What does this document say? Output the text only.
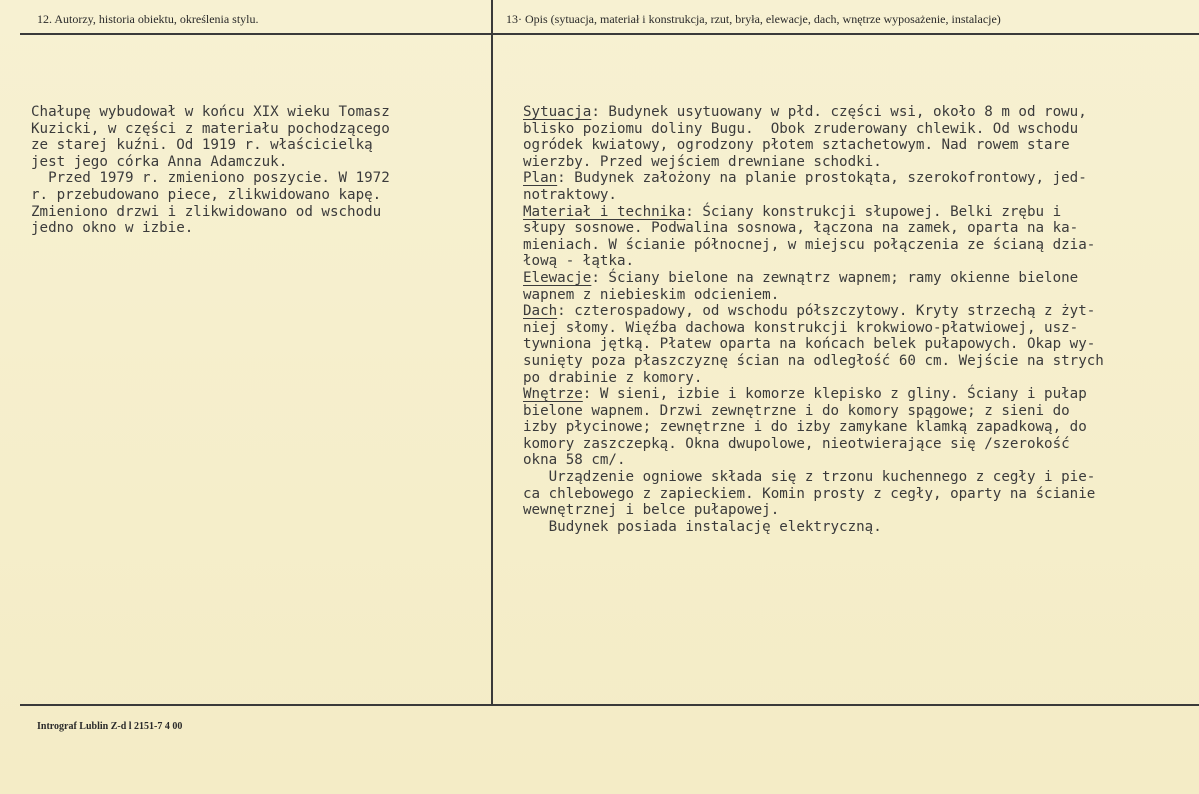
12. Autorzy, historia obiektu, określenia stylu.	13· Opis (sytuacja, materiał i konstrukcja, rzut, bryła, elewacje, dach, wnętrze wyposażenie, instalacje)
Chałupę wybudował w końcu XIX wieku Tomasz
Kuzicki, w części z materiału pochodzącego
ze starej kuźni. Od 1919 r. właścicielką
jest jego córka Anna Adamczuk.
Przed 1979 r. zmieniono poszycie. W 1972
r. przebudowano piece, zlikwidowano kapę.
Zmieniono drzwi i zlikwidowano od wschodu
jedno okno w izbie.
Sytuacja: Budynek usytuowany w płd. części wsi, około 8 m od rowu,
blisko poziomu doliny Bugu.  Obok zruderowany chlewik. Od wschodu
ogródek kwiatowy, ogrodzony płotem sztachetowym. Nad rowem stare
wierzby. Przed wejściem drewniane schodki.
Plan: Budynek założony na planie prostokąta, szerokofrontowy, jed-
notraktowy.
Materiał i technika: Ściany konstrukcji słupowej. Belki zrębu i
słupy sosnowe. Podwalina sosnowa, łączona na zamek, oparta na ka-
mieniach. W ścianie północnej, w miejscu połączenia ze ścianą dzia-
łową - łątka.
Elewacje: Ściany bielone na zewnątrz wapnem; ramy okienne bielone
wapnem z niebieskim odcieniem.
Dach: czterospadowy, od wschodu półszczytowy. Kryty strzechą z żyt-
niej słomy. Więźba dachowa konstrukcji krokwiowo-płatwiowej, usz-
tywniona jętką. Płatew oparta na końcach belek pułapowych. Okap wy-
sunięty poza płaszczyznę ścian na odległość 60 cm. Wejście na strych
po drabinie z komory.
Wnętrze: W sieni, izbie i komorze klepisko z gliny. Ściany i pułap
bielone wapnem. Drzwi zewnętrzne i do komory spągowe; z sieni do
izby płycinowe; zewnętrzne i do izby zamykane klamką zapadkową, do
komory zaszczepką. Okna dwupolowe, nieotwierające się /szerokość
okna 58 cm/.
Urządzenie ogniowe składa się z trzonu kuchennego z cegły i pie-
ca chlebowego z zapieckiem. Komin prosty z cegły, oparty na ścianie
wewnętrznej i belce pułapowej.
Budynek posiada instalację elektryczną.
Intrograf Lublin Z-d l 2151-7 4 00
